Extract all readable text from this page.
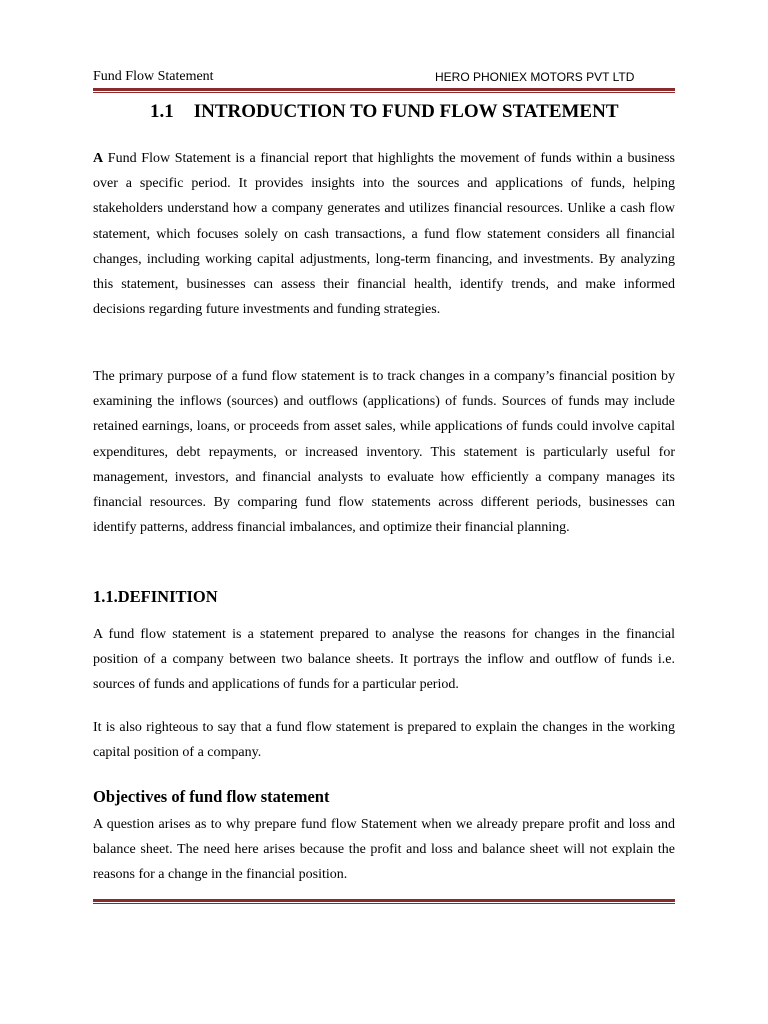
Fund Flow Statement	HERO PHONIEX MOTORS PVT LTD
1.1 INTRODUCTION TO FUND FLOW STATEMENT

A Fund Flow Statement is a financial report that highlights the movement of funds within a business over a specific period. It provides insights into the sources and applications of funds, helping stakeholders understand how a company generates and utilizes financial resources. Unlike a cash flow statement, which focuses solely on cash transactions, a fund flow statement considers all financial changes, including working capital adjustments, long-term financing, and investments. By analyzing this statement, businesses can assess their financial health, identify trends, and make informed decisions regarding future investments and funding strategies.

The primary purpose of a fund flow statement is to track changes in a company’s financial position by examining the inflows (sources) and outflows (applications) of funds. Sources of funds may include retained earnings, loans, or proceeds from asset sales, while applications of funds could involve capital expenditures, debt repayments, or increased inventory. This statement is particularly useful for management, investors, and financial analysts to evaluate how efficiently a company manages its financial resources. By comparing fund flow statements across different periods, businesses can identify patterns, address financial imbalances, and optimize their financial planning.

1.1.DEFINITION

A fund flow statement is a statement prepared to analyse the reasons for changes in the financial position of a company between two balance sheets. It portrays the inflow and outflow of funds i.e. sources of funds and applications of funds for a particular period.

It is also righteous to say that a fund flow statement is prepared to explain the changes in the working capital position of a company.

Objectives of fund flow statement

A question arises as to why prepare fund flow Statement when we already prepare profit and loss and balance sheet. The need here arises because the profit and loss and balance sheet will not explain the reasons for a change in the financial position.
